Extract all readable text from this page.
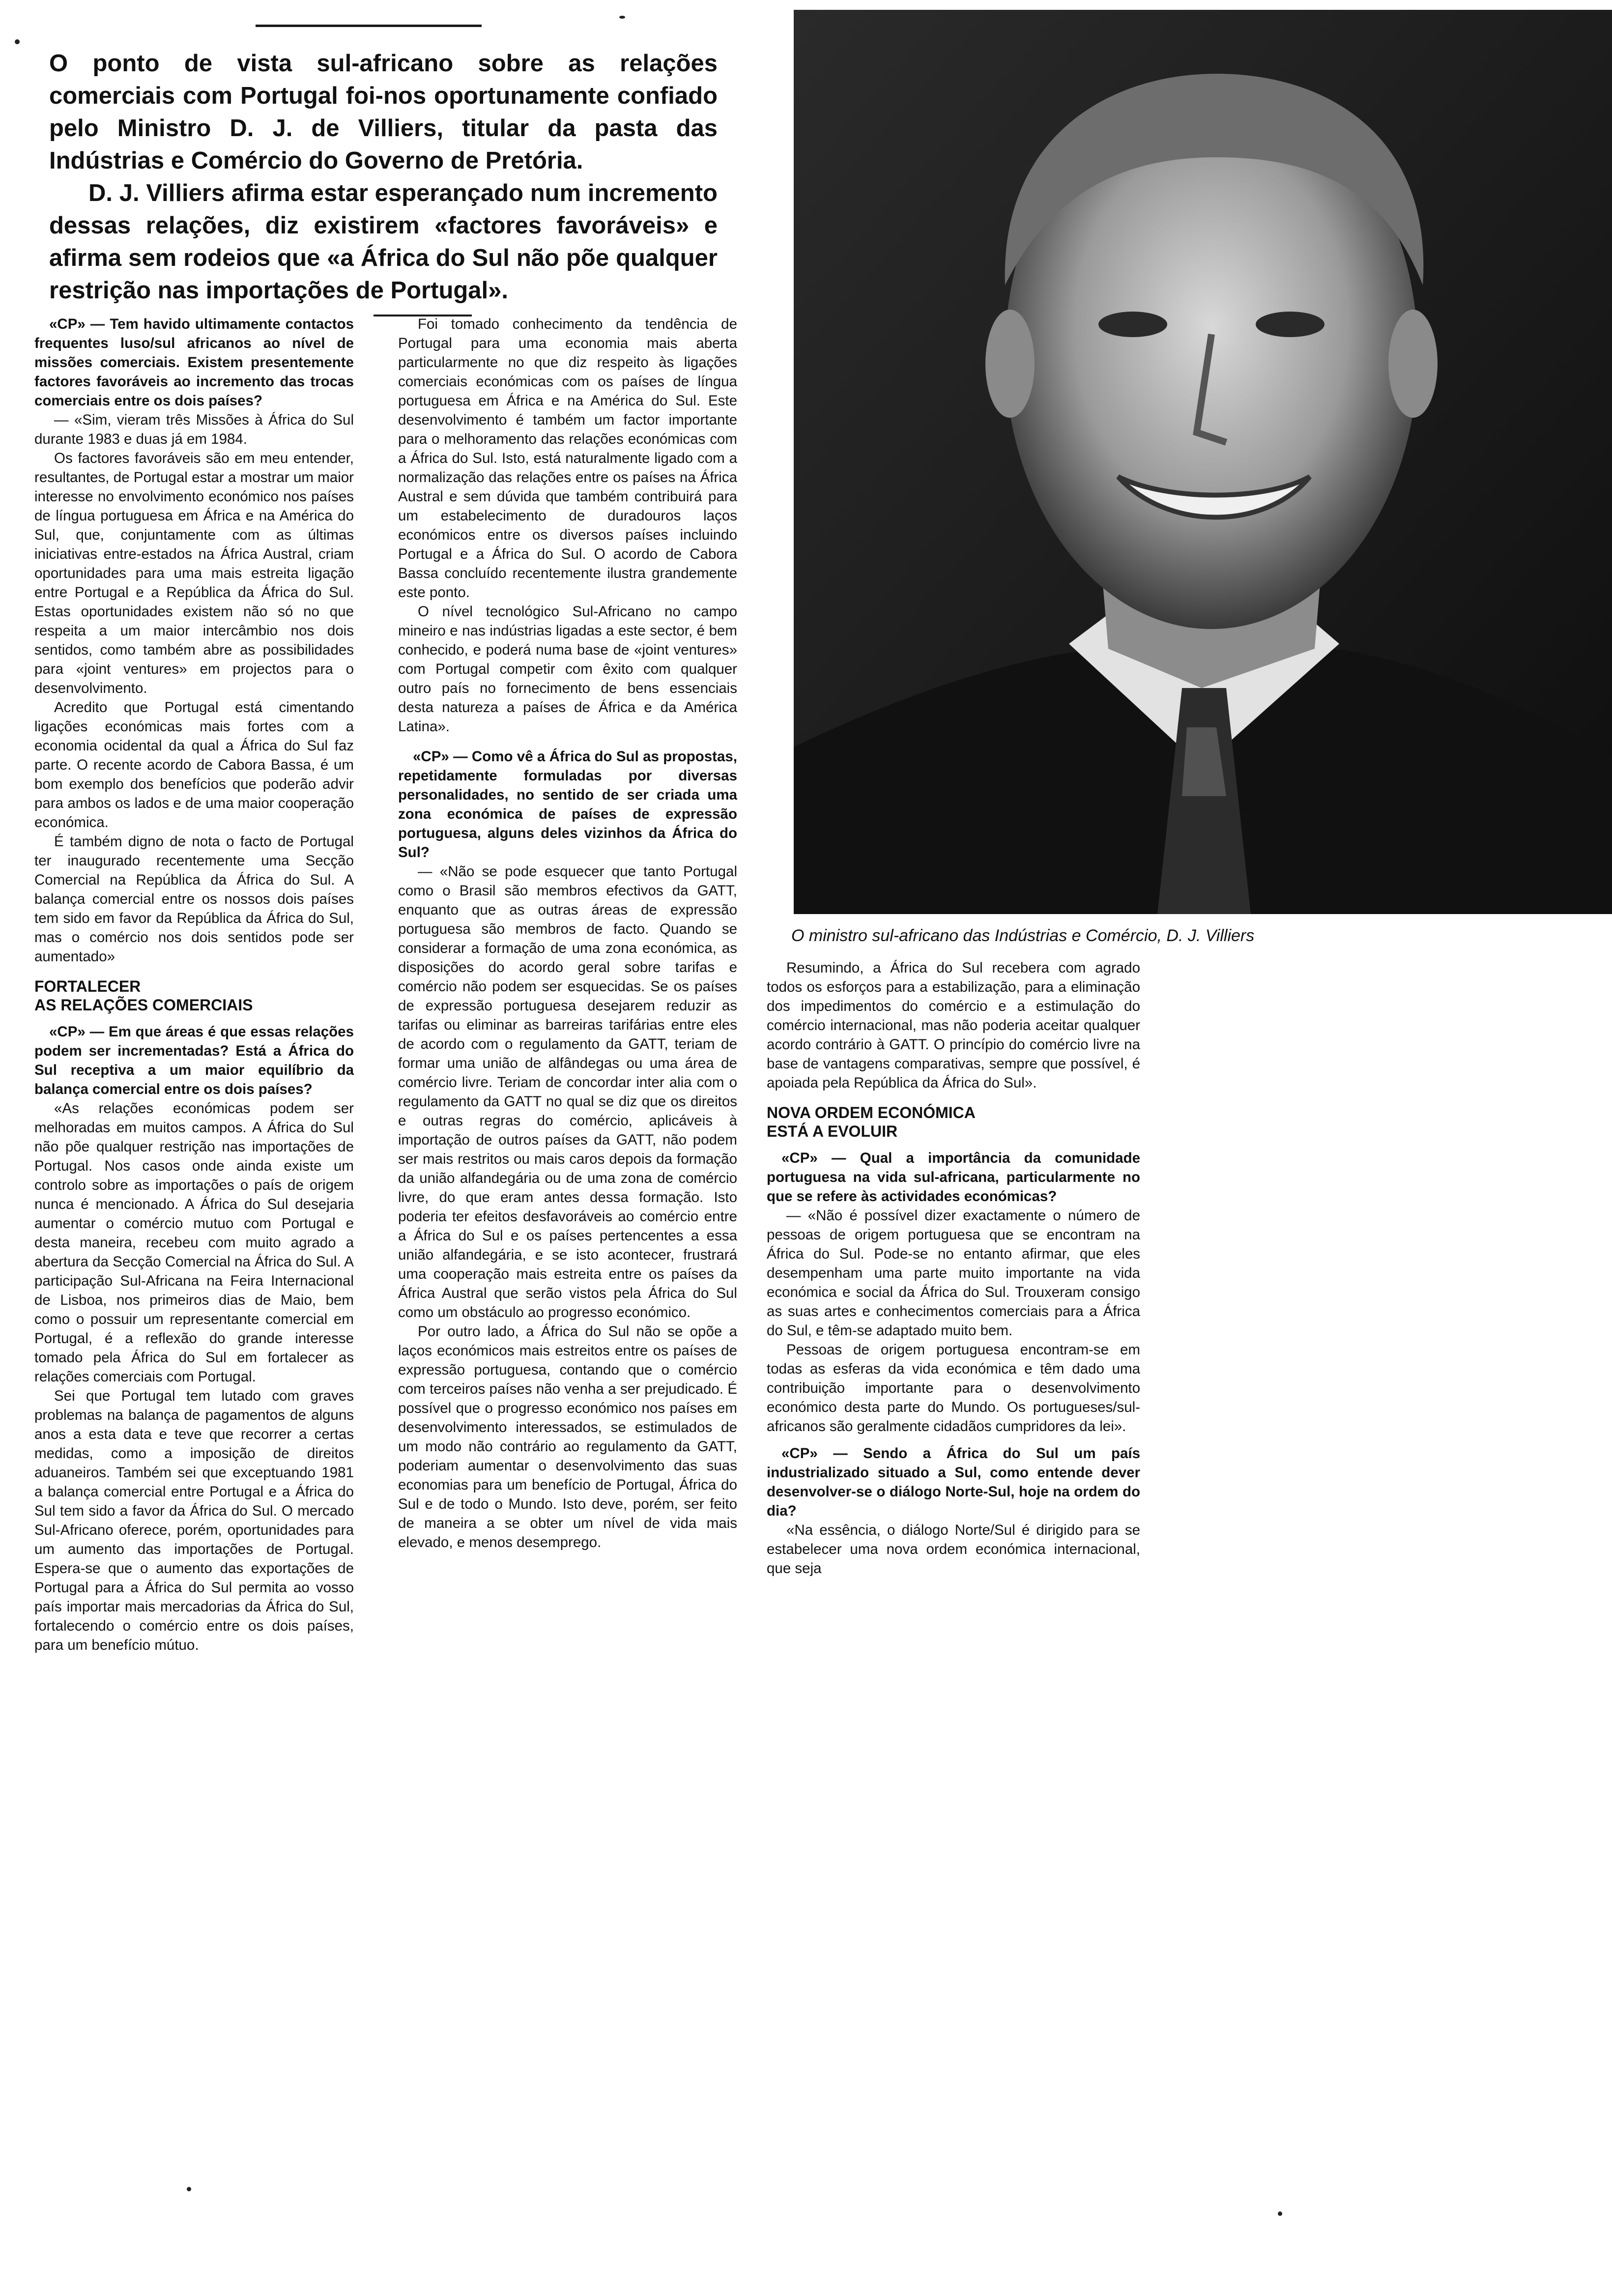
O ponto de vista sul-africano sobre as relações comerciais com Portugal foi-nos oportunamente confiado pelo Ministro D. J. de Villiers, titular da pasta das Indústrias e Comércio do Governo de Pretória.

D. J. Villiers afirma estar esperançado num incremento dessas relações, diz existirem «factores favoráveis» e afirma sem rodeios que «a África do Sul não põe qualquer restrição nas importações de Portugal».

O ministro sul-africano das Indústrias e Comércio, D. J. Villiers

«CP» — Tem havido ultimamente contactos frequentes luso/sul africanos ao nível de missões comerciais. Existem presentemente factores favoráveis ao incremento das trocas comerciais entre os dois países?

— «Sim, vieram três Missões à África do Sul durante 1983 e duas já em 1984.

Os factores favoráveis são em meu entender, resultantes, de Portugal estar a mostrar um maior interesse no envolvimento económico nos países de língua portuguesa em África e na América do Sul, que, conjuntamente com as últimas iniciativas entre-estados na África Austral, criam oportunidades para uma mais estreita ligação entre Portugal e a República da África do Sul. Estas oportunidades existem não só no que respeita a um maior intercâmbio nos dois sentidos, como também abre as possibilidades para «joint ventures» em projectos para o desenvolvimento.

Acredito que Portugal está cimentando ligações económicas mais fortes com a economia ocidental da qual a África do Sul faz parte. O recente acordo de Cabora Bassa, é um bom exemplo dos benefícios que poderão advir para ambos os lados e de uma maior cooperação económica.

É também digno de nota o facto de Portugal ter inaugurado recentemente uma Secção Comercial na República da África do Sul. A balança comercial entre os nossos dois países tem sido em favor da República da África do Sul, mas o comércio nos dois sentidos pode ser aumentado»

FORTALECER
AS RELAÇÕES COMERCIAIS

«CP» — Em que áreas é que essas relações podem ser incrementadas? Está a África do Sul receptiva a um maior equilíbrio da balança comercial entre os dois países?

«As relações económicas podem ser melhoradas em muitos campos. A África do Sul não põe qualquer restrição nas importações de Portugal. Nos casos onde ainda existe um controlo sobre as importações o país de origem nunca é mencionado. A África do Sul desejaria aumentar o comércio mutuo com Portugal e desta maneira, recebeu com muito agrado a abertura da Secção Comercial na África do Sul. A participação Sul-Africana na Feira Internacional de Lisboa, nos primeiros dias de Maio, bem como o possuir um representante comercial em Portugal, é a reflexão do grande interesse tomado pela África do Sul em fortalecer as relações comerciais com Portugal.

Sei que Portugal tem lutado com graves problemas na balança de pagamentos de alguns anos a esta data e teve que recorrer a certas medidas, como a imposição de direitos aduaneiros. Também sei que exceptuando 1981 a balança comercial entre Portugal e a África do Sul tem sido a favor da África do Sul. O mercado Sul-Africano oferece, porém, oportunidades para um aumento das importações de Portugal. Espera-se que o aumento das exportações de Portugal para a África do Sul permita ao vosso país importar mais mercadorias da África do Sul, fortalecendo o comércio entre os dois países, para um benefício mútuo.

Foi tomado conhecimento da tendência de Portugal para uma economia mais aberta particularmente no que diz respeito às ligações comerciais económicas com os países de língua portuguesa em África e na América do Sul. Este desenvolvimento é também um factor importante para o melhoramento das relações económicas com a África do Sul. Isto, está naturalmente ligado com a normalização das relações entre os países na África Austral e sem dúvida que também contribuirá para um estabelecimento de duradouros laços económicos entre os diversos países incluindo Portugal e a África do Sul. O acordo de Cabora Bassa concluído recentemente ilustra grandemente este ponto.

O nível tecnológico Sul-Africano no campo mineiro e nas indústrias ligadas a este sector, é bem conhecido, e poderá numa base de «joint ventures» com Portugal competir com êxito com qualquer outro país no fornecimento de bens essenciais desta natureza a países de África e da América Latina».

«CP» — Como vê a África do Sul as propostas, repetidamente formuladas por diversas personalidades, no sentido de ser criada uma zona económica de países de expressão portuguesa, alguns deles vizinhos da África do Sul?

— «Não se pode esquecer que tanto Portugal como o Brasil são membros efectivos da GATT, enquanto que as outras áreas de expressão portuguesa são membros de facto. Quando se considerar a formação de uma zona económica, as disposições do acordo geral sobre tarifas e comércio não podem ser esquecidas. Se os países de expressão portuguesa desejarem reduzir as tarifas ou eliminar as barreiras tarifárias entre eles de acordo com o regulamento da GATT, teriam de formar uma união de alfândegas ou uma área de comércio livre. Teriam de concordar inter alia com o regulamento da GATT no qual se diz que os direitos e outras regras do comércio, aplicáveis à importação de outros países da GATT, não podem ser mais restritos ou mais caros depois da formação da união alfandegária ou de uma zona de comércio livre, do que eram antes dessa formação. Isto poderia ter efeitos desfavoráveis ao comércio entre a África do Sul e os países pertencentes a essa união alfandegária, e se isto acontecer, frustrará uma cooperação mais estreita entre os países da África Austral que serão vistos pela África do Sul como um obstáculo ao progresso económico.

Por outro lado, a África do Sul não se opõe a laços económicos mais estreitos entre os países de expressão portuguesa, contando que o comércio com terceiros países não venha a ser prejudicado. É possível que o progresso económico nos países em desenvolvimento interessados, se estimulados de um modo não contrário ao regulamento da GATT, poderiam aumentar o desenvolvimento das suas economias para um benefício de Portugal, África do Sul e de todo o Mundo. Isto deve, porém, ser feito de maneira a se obter um nível de vida mais elevado, e menos desemprego.

Resumindo, a África do Sul recebera com agrado todos os esforços para a estabilização, para a eliminação dos impedimentos do comércio e a estimulação do comércio internacional, mas não poderia aceitar qualquer acordo contrário à GATT. O princípio do comércio livre na base de vantagens comparativas, sempre que possível, é apoiada pela República da África do Sul».

NOVA ORDEM ECONÓMICA
ESTÁ A EVOLUIR

«CP» — Qual a importância da comunidade portuguesa na vida sul-africana, particularmente no que se refere às actividades económicas?

— «Não é possível dizer exactamente o número de pessoas de origem portuguesa que se encontram na África do Sul. Pode-se no entanto afirmar, que eles desempenham uma parte muito importante na vida económica e social da África do Sul. Trouxeram consigo as suas artes e conhecimentos comerciais para a África do Sul, e têm-se adaptado muito bem.

Pessoas de origem portuguesa encontram-se em todas as esferas da vida económica e têm dado uma contribuição importante para o desenvolvimento económico desta parte do Mundo. Os portugueses/sul-africanos são geralmente cidadãos cumpridores da lei».

«CP» — Sendo a África do Sul um país industrializado situado a Sul, como entende dever desenvolver-se o diálogo Norte-Sul, hoje na ordem do dia?

«Na essência, o diálogo Norte/Sul é dirigido para se estabelecer uma nova ordem económica internacional, que seja
